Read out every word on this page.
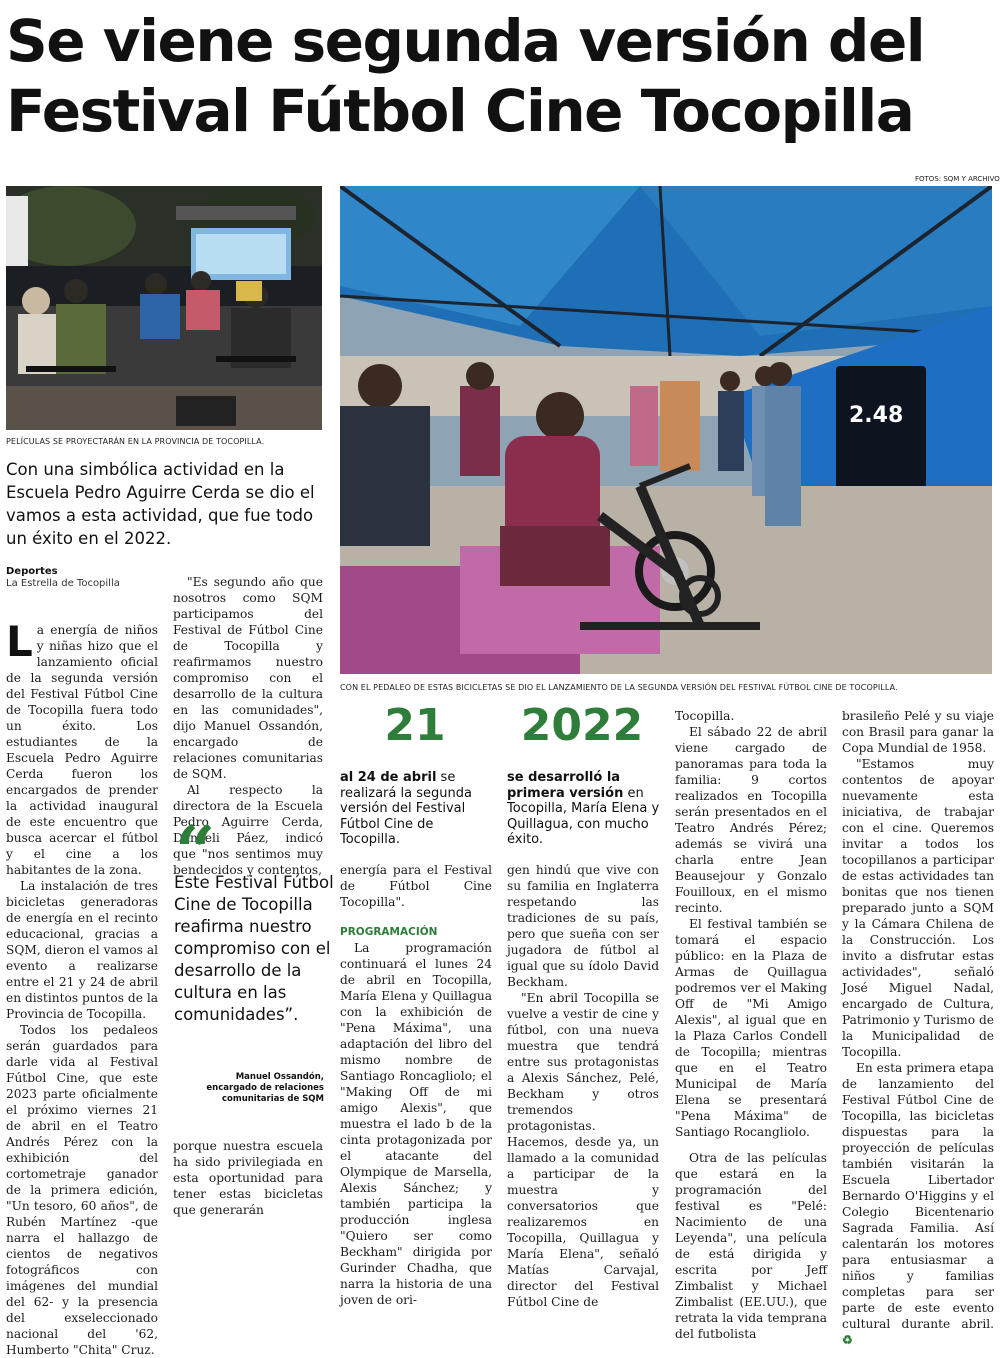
Se viene segunda versión del Festival Fútbol Cine Tocopilla
FOTOS: SQM Y ARCHIVO
PELÍCULAS SE PROYECTARÁN EN LA PROVINCIA DE TOCOPILLA.
2.48
CON EL PEDALEO DE ESTAS BICICLETAS SE DIO EL LANZAMIENTO DE LA SEGUNDA VERSIÓN DEL FESTIVAL FÚTBOL CINE DE TOCOPILLA.

Con una simbólica actividad en la Escuela Pedro Aguirre Cerda se dio el vamos a esta actividad, que fue todo un éxito en el 2022.

Deportes
La Estrella de Tocopilla

La energía de niños y niñas hizo que el lanzamiento oficial de la segunda versión del Festival Fútbol Cine de Tocopilla fuera todo un éxito. Los estudiantes de la Escuela Pedro Aguirre Cerda fueron los encargados de prender la actividad inaugural de este encuentro que busca acercar el fútbol y el cine a los habitantes de la zona.

La instalación de tres bicicletas generadoras de energía en el recinto educacional, gracias a SQM, dieron el vamos al evento a realizarse entre el 21 y 24 de abril en distintos puntos de la Provincia de Tocopilla.

Todos los pedaleos serán guardados para darle vida al Festival Fútbol Cine, que este 2023 parte oficialmente el próximo viernes 21 de abril en el Teatro Andrés Pérez con la exhibición del cortometraje ganador de la primera edición, "Un tesoro, 60 años", de Rubén Martínez -que narra el hallazgo de cientos de negativos fotográficos con imágenes del mundial del 62- y la presencia del exseleccionado nacional del '62, Humberto "Chita" Cruz.

"Es segundo año que nosotros como SQM participamos del Festival de Fútbol Cine de Tocopilla y reafirmamos nuestro compromiso con el desarrollo de la cultura en las comunidades", dijo Manuel Ossandón, encargado de relaciones comunitarias de SQM.

Al respecto la directora de la Escuela Pedro Aguirre Cerda, Danyeli Páez, indicó que "nos sentimos muy bendecidos y contentos,

“

Este Festival Fútbol Cine de Tocopilla reafirma nuestro compromiso con el desarrollo de la cultura en las comunidades”.

Manuel Ossandón,
encargado de relaciones comunitarias de SQM

porque nuestra escuela ha sido privilegiada en esta oportunidad para tener estas bicicletas que generarán

21
al 24 de abril se realizará la segunda versión del Festival Fútbol Cine de Tocopilla.
2022
se desarrolló la primera versión en Tocopilla, María Elena y Quillagua, con mucho éxito.

energía para el Festival de Fútbol Cine Tocopilla".

PROGRAMACIÓN

La programación continuará el lunes 24 de abril en Tocopilla, María Elena y Quillagua con la exhibición de "Pena Máxima", una adaptación del libro del mismo nombre de Santiago Roncagliolo; el "Making Off de mi amigo Alexis", que muestra el lado b de la cinta protagonizada por el atacante del Olympique de Marsella, Alexis Sánchez; y también participa la producción inglesa "Quiero ser como Beckham" dirigida por Gurinder Chadha, que narra la historia de una joven de ori-

gen hindú que vive con su familia en Inglaterra respetando las tradiciones de su país, pero que sueña con ser jugadora de fútbol al igual que su ídolo David Beckham.

"En abril Tocopilla se vuelve a vestir de cine y fútbol, con una nueva muestra que tendrá entre sus protagonistas a Alexis Sánchez, Pelé, Beckham y otros tremendos protagonistas. Hacemos, desde ya, un llamado a la comunidad a participar de la muestra y conversatorios que realizaremos en Tocopilla, Quillagua y María Elena", señaló Matías Carvajal, director del Festival Fútbol Cine de

Tocopilla.

El sábado 22 de abril viene cargado de panoramas para toda la familia: 9 cortos realizados en Tocopilla serán presentados en el Teatro Andrés Pérez; además se vivirá una charla entre Jean Beausejour y Gonzalo Fouilloux, en el mismo recinto.

El festival también se tomará el espacio público: en la Plaza de Armas de Quillagua podremos ver el Making Off de "Mi Amigo Alexis", al igual que en la Plaza Carlos Condell de Tocopilla; mientras que en el Teatro Municipal de María Elena se presentará "Pena Máxima" de Santiago Rocangliolo.

Otra de las películas que estará en la programación del festival es "Pelé: Nacimiento de una Leyenda", una película de está dirigida y escrita por Jeff Zimbalist y Michael Zimbalist (EE.UU.), que retrata la vida temprana del futbolista

brasileño Pelé y su viaje con Brasil para ganar la Copa Mundial de 1958.

"Estamos muy contentos de apoyar nuevamente esta iniciativa, de trabajar con el cine. Queremos invitar a todos los tocopillanos a participar de estas actividades tan bonitas que nos tienen preparado junto a SQM y la Cámara Chilena de la Construcción. Los invito a disfrutar estas actividades", señaló José Miguel Nadal, encargado de Cultura, Patrimonio y Turismo de la Municipalidad de Tocopilla.

En esta primera etapa de lanzamiento del Festival Fútbol Cine de Tocopilla, las bicicletas dispuestas para la proyección de películas también visitarán la Escuela Libertador Bernardo O'Higgins y el Colegio Bicentenario Sagrada Familia. Así calentarán los motores para entusiasmar a niños y familias completas para ser parte de este evento cultural durante abril. ♻
